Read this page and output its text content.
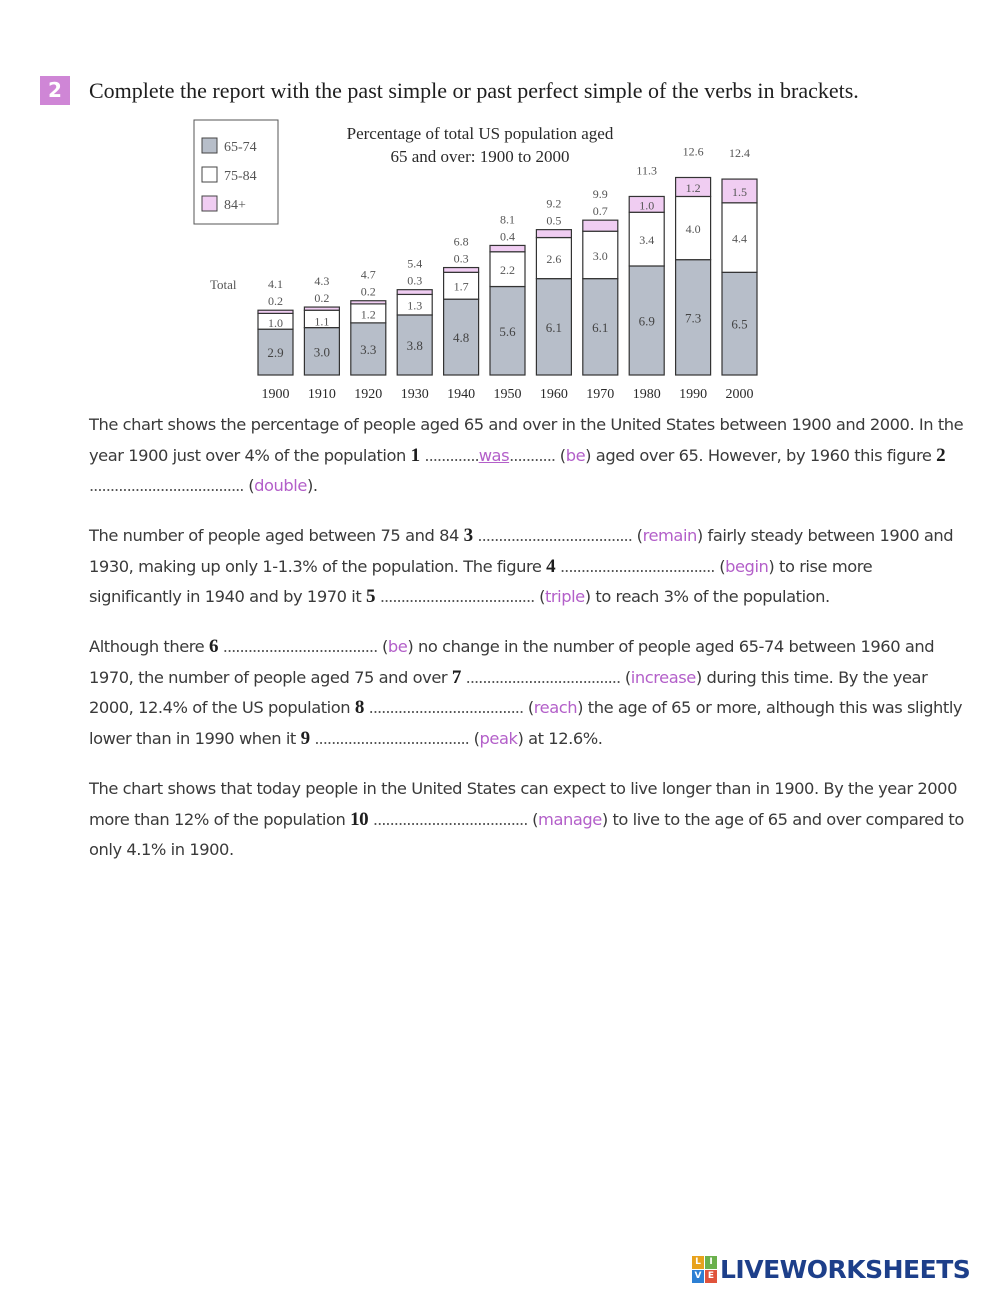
2	Complete the report with the past simple or past perfect simple of the verbs in brackets.
Percentage of total US population aged
65 and over: 1900 to 2000
65-74
75-84
84+
Total
2.9
1.0
0.2
4.1
1900
3.0
1.1
0.2
4.3
1910
3.3
1.2
0.2
4.7
1920
3.8
1.3
0.3
5.4
1930
4.8
1.7
0.3
6.8
1940
5.6
2.2
0.4
8.1
1950
6.1
2.6
0.5
9.2
1960
6.1
3.0
0.7
9.9
1970
6.9
3.4
1.0
11.3
1980
7.3
4.0
1.2
12.6
1990
6.5
4.4
1.5
12.4
2000

The chart shows the percentage of people aged 65 and over in the United States between 1900 and 2000. In the year 1900 just over 4% of the population 1 .............was........... (be) aged over 65. However, by 1960 this figure 2 ..................................... (double).

The number of people aged between 75 and 84 3 ..................................... (remain) fairly steady between 1900 and 1930, making up only 1-1.3% of the population. The figure 4 ..................................... (begin) to rise more significantly in 1940 and by 1970 it 5 ..................................... (triple) to reach 3% of the population.

Although there 6 ..................................... (be) no change in the number of people aged 65-74 between 1960 and 1970, the number of people aged 75 and over 7 ..................................... (increase) during this time. By the year 2000, 12.4% of the US population 8 ..................................... (reach) the age of 65 or more, although this was slightly lower than in 1990 when it 9 ..................................... (peak) at 12.6%.

The chart shows that today people in the United States can expect to live longer than in 1900. By the year 2000 more than 12% of the population 10 ..................................... (manage) to live to the age of 65 and over compared to only 4.1% in 1900.

L I
V E LIVEWORKSHEETS
